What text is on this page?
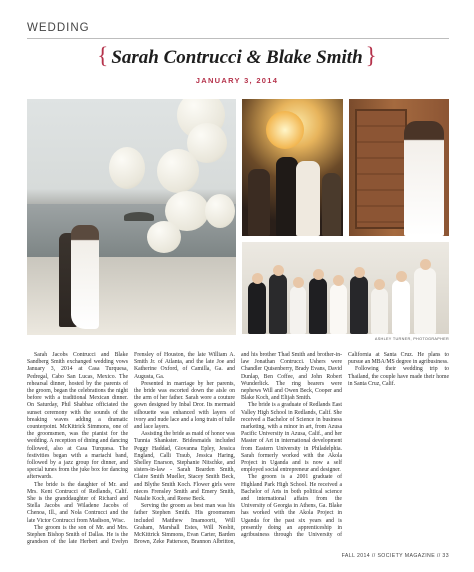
WEDDING
{ Sarah Contrucci & Blake Smith }
JANUARY 3, 2014
ASHLEY TURNER, PHOTOGRAPHER

Sarah Jacobs Contrucci and Blake Sandberg Smith exchanged wedding vows January 3, 2014 at Casa Turquesa, Pedregal, Cabo San Lucas, Mexico. The rehearsal dinner, hosted by the parents of the groom, began the celebrations the night before with a traditional Mexican dinner. On Saturday, Phil Shabbaz officiated the sunset ceremony with the sounds of the breaking waves adding a dramatic counterpoint. McKittrick Simmons, one of the groomsmen, was the pianist for the wedding. A reception of dining and dancing followed, also at Casa Turquesa. The festivities began with a mariachi band, followed by a jazz group for dinner, and special tunes from the juke box for dancing afterwards.

The bride is the daughter of Mr. and Mrs. Kent Contrucci of Redlands, Calif. She is the granddaughter of Richard and Stella Jacobs and Wiladene Jacobs of Chenoa, Ill., and Nola Contrucci and the late Victor Contrucci from Madison, Wisc.

The groom is the son of Mr. and Mrs. Stephen Bishop Smith of Dallas. He is the grandson of the late Herbert and Evelyn Frensley of Houston, the late William A. Smith Jr. of Atlanta, and the late Joe and Katherine Oxford, of Camilla, Ga. and Augusta, Ga.

Presented in marriage by her parents, the bride was escorted down the aisle on the arm of her father. Sarah wore a couture gown designed by Inbal Dror. Its mermaid silhouette was enhanced with layers of ivory and nude lace and a long train of tulle and lace layers.

Assisting the bride as maid of honor was Tunnia Shankster. Bridesmaids included Peggy Haddad, Giovanna Epley, Jessica England, Calli Traub, Jessica Haring, Shelley Enarson, Stephanie Nitschke, and sisters-in-law - Sarah Bearden Smith, Claire Smith Mueller, Stacey Smith Beck, and Blythe Smith Koch. Flower girls were nieces Frensley Smith and Emery Smith, Natalie Koch, and Reese Beck.

Serving the groom as best man was his father Stephen Smith. His groomsmen included Matthew Imamoorti, Will Graham, Marshall Estes, Will Nesbit, McKittrick Simmons, Evan Carter, Barden Brown, Zeke Patterson, Brannon Albritton, and his brother Thad Smith and brother-in-law Jonathan Contrucci. Ushers were Chandler Quisenberry, Brady Evans, David Dunlap, Ben Coffee, and John Robert Wunderlick. The ring bearers were nephews Will and Owen Beck, Cooper and Blake Koch, and Elijah Smith.

The bride is a graduate of Redlands East Valley High School in Redlands, Calif. She received a Bachelor of Science in business marketing, with a minor in art, from Azusa Pacific University in Azusa, Calif., and her Master of Art in international development from Eastern University in Philadelphia. Sarah formerly worked with the Akola Project in Uganda and is now a self employed social entrepreneur and designer.

The groom is a 2001 graduate of Highland Park High School. He received a Bachelor of Arts in both political science and international affairs from the University of Georgia in Athens, Ga. Blake has worked with the Akola Project in Uganda for the past six years and is presently doing an apprenticeship in agribusiness through the University of California at Santa Cruz. He plans to pursue an MBA/MS degree in agribusiness.

Following their wedding trip to Thailand, the couple have made their home in Santa Cruz, Calif.

FALL 2014 // SOCIETY MAGAZINE // 33
